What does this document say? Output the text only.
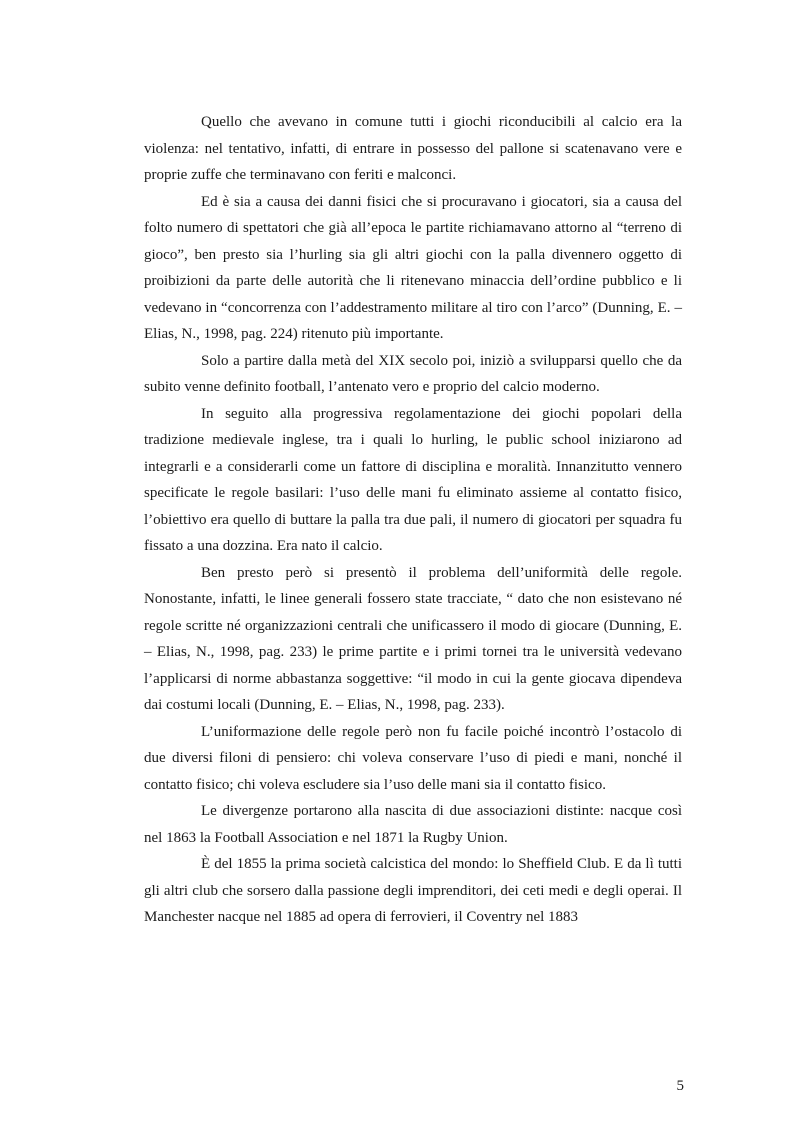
Quello che avevano in comune tutti i giochi riconducibili al calcio era la violenza: nel tentativo, infatti, di entrare in possesso del pallone si scatenavano vere e proprie zuffe che terminavano con feriti e malconci.

Ed è sia a causa dei danni fisici che si procuravano i giocatori, sia a causa del folto numero di spettatori che già all’epoca le partite richiamavano attorno al “terreno di gioco”, ben presto sia l’hurling sia gli altri giochi con la palla divennero oggetto di proibizioni da parte delle autorità che li ritenevano minaccia dell’ordine pubblico e li vedevano in “concorrenza con l’addestramento militare al tiro con l’arco” (Dunning, E. – Elias, N., 1998, pag. 224) ritenuto più importante.

Solo a partire dalla metà del XIX secolo poi, iniziò a svilupparsi quello che da subito venne definito football, l’antenato vero e proprio del calcio moderno.

In seguito alla progressiva regolamentazione dei giochi popolari della tradizione medievale inglese, tra i quali lo hurling, le public school iniziarono ad integrarli e a considerarli come un fattore di disciplina e moralità. Innanzitutto vennero specificate le regole basilari: l’uso delle mani fu eliminato assieme al contatto fisico, l’obiettivo era quello di buttare la palla tra due pali, il numero di giocatori per squadra fu fissato a una dozzina. Era nato il calcio.

Ben presto però si presentò il problema dell’uniformità delle regole. Nonostante, infatti, le linee generali fossero state tracciate, “ dato che non esistevano né regole scritte né organizzazioni centrali che unificassero il modo di giocare (Dunning, E. – Elias, N., 1998, pag. 233) le prime partite e i primi tornei tra le università vedevano l’applicarsi di norme abbastanza soggettive: “il modo in cui la gente giocava dipendeva dai costumi locali (Dunning, E. – Elias, N., 1998, pag. 233).

L’uniformazione delle regole però non fu facile poiché incontrò l’ostacolo di due diversi filoni di pensiero: chi voleva conservare l’uso di piedi e mani, nonché il contatto fisico; chi voleva escludere sia l’uso delle mani sia il contatto fisico.

Le divergenze portarono alla nascita di due associazioni distinte: nacque così nel 1863 la Football Association e nel 1871 la Rugby Union.

È del 1855 la prima società calcistica del mondo: lo Sheffield Club. E da lì tutti gli altri club che sorsero dalla passione degli imprenditori, dei ceti medi e degli operai. Il Manchester nacque nel 1885 ad opera di ferrovieri, il Coventry nel 1883

5
